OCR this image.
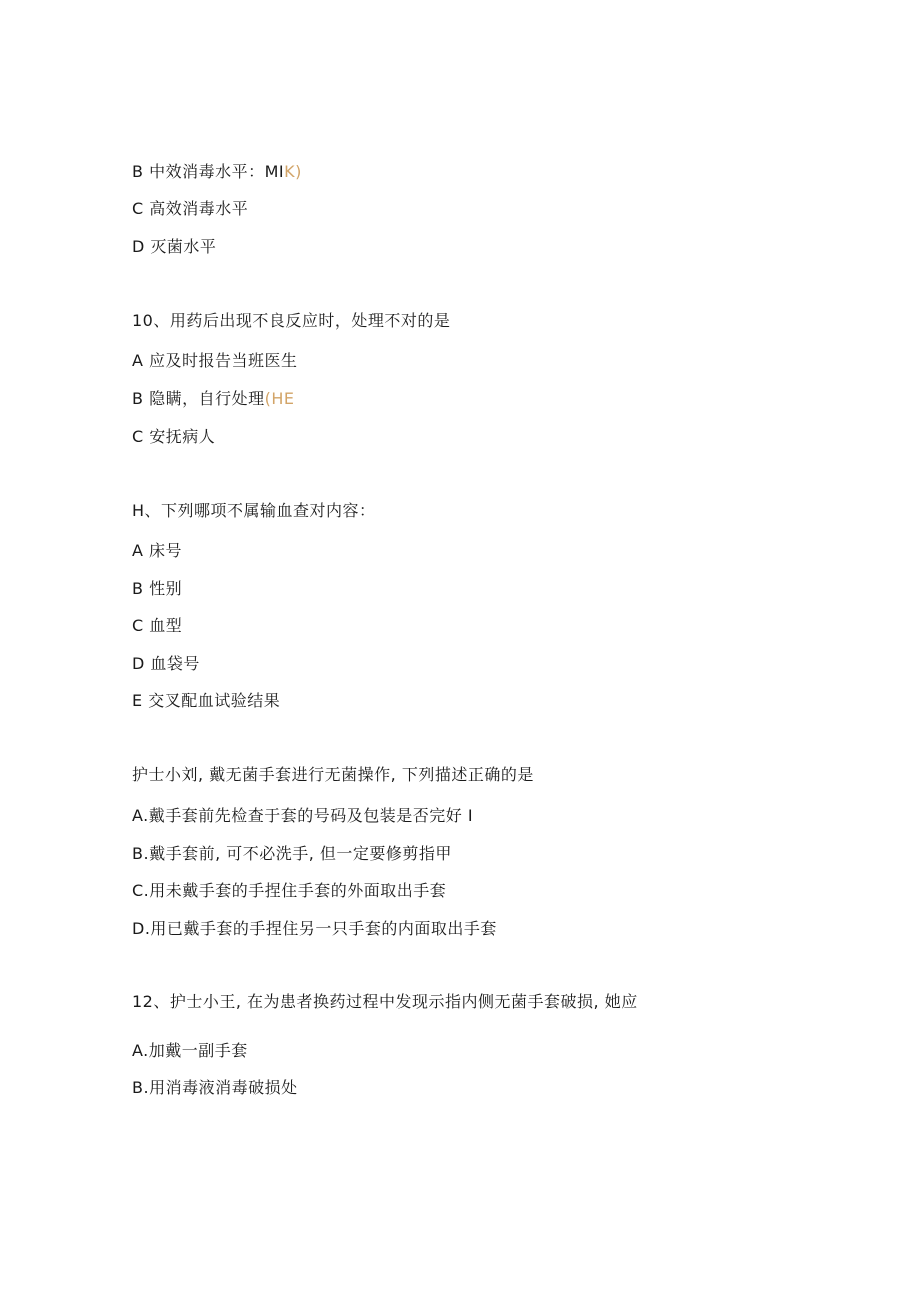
B 中效消毒水平：MIK)
C 高效消毒水平
D 灭菌水平
10、用药后出现不良反应时，处理不对的是
A 应及时报告当班医生
B 隐瞒，自行处理(HE
C 安抚病人
H、下列哪项不属输血查对内容：
A 床号
B 性别
C 血型
D 血袋号
E 交叉配血试验结果
护士小刘, 戴无菌手套进行无菌操作, 下列描述正确的是
A.戴手套前先检查于套的号码及包装是否完好 I
B.戴手套前, 可不必洗手, 但一定要修剪指甲
C.用未戴手套的手捏住手套的外面取出手套
D.用已戴手套的手捏住另一只手套的内面取出手套
12、护士小王, 在为患者换药过程中发现示指内侧无菌手套破损, 她应
A.加戴一副手套
B.用消毒液消毒破损处
